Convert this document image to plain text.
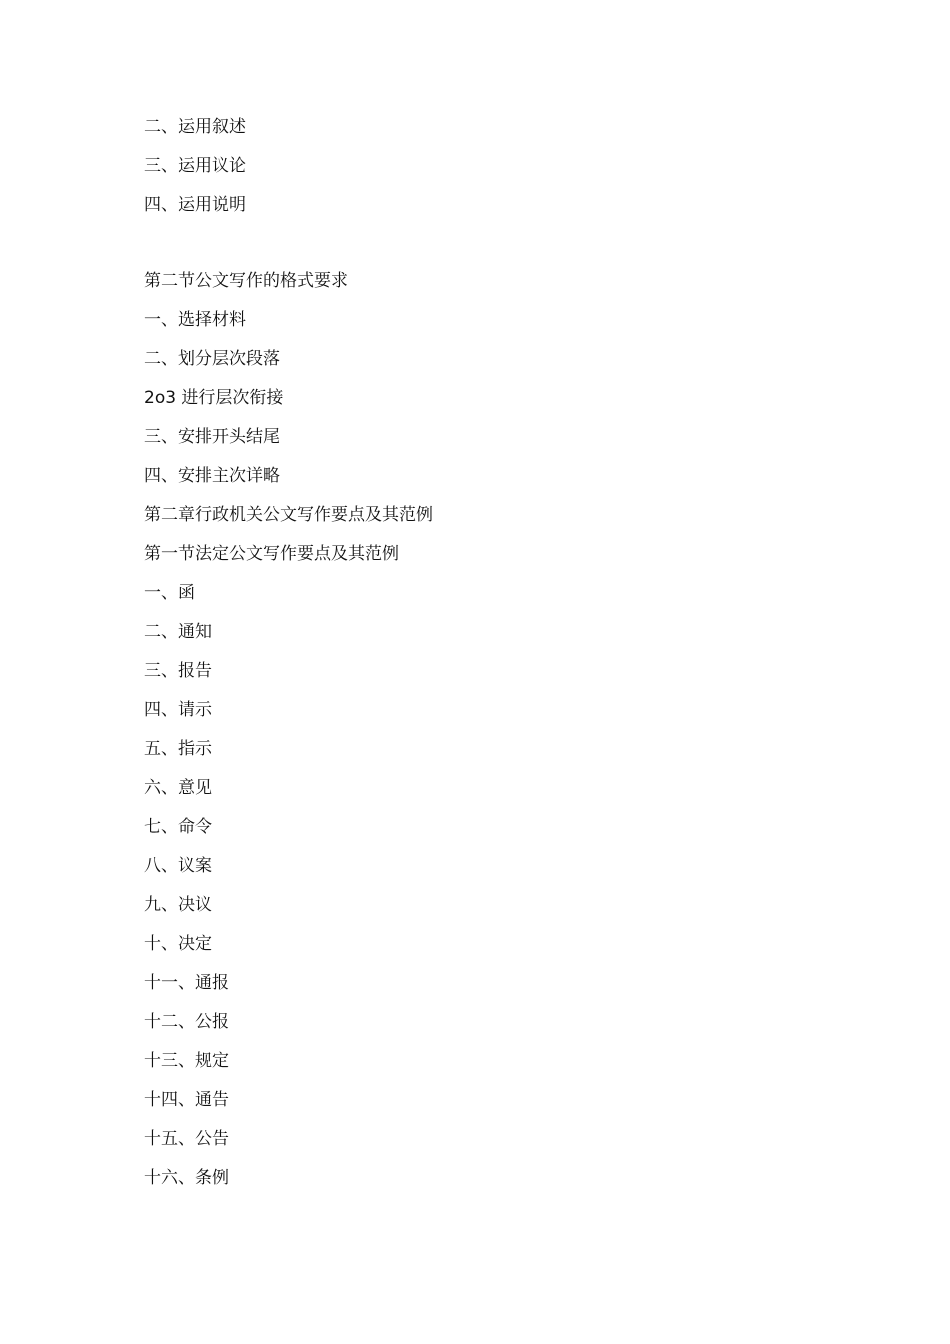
二、运用叙述

三、运用议论

四、运用说明

第二节公文写作的格式要求

一、选择材料

二、划分层次段落

2ο3 进行层次衔接

三、安排开头结尾

四、安排主次详略

第二章行政机关公文写作要点及其范例

第一节法定公文写作要点及其范例

一、函

二、通知

三、报告

四、请示

五、指示

六、意见

七、命令

八、议案

九、决议

十、决定

十一、通报

十二、公报

十三、规定

十四、通告

十五、公告

十六、条例
